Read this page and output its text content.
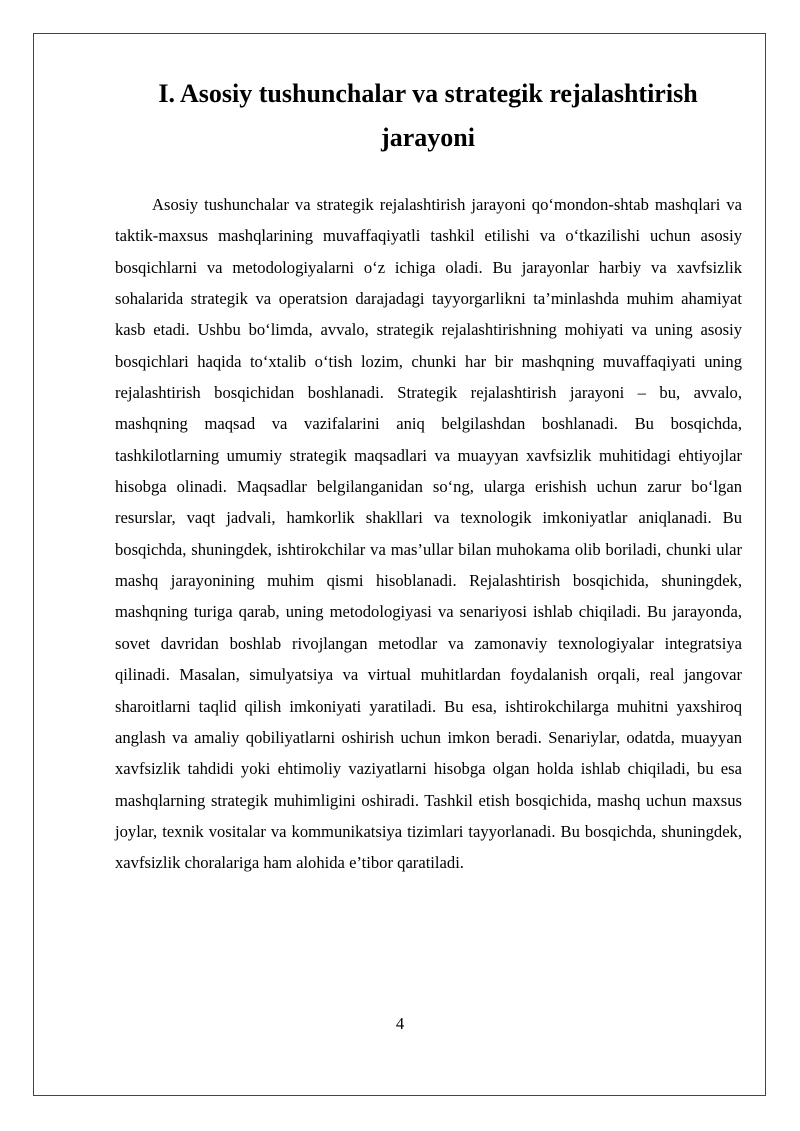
I. Asosiy tushunchalar va strategik rejalashtirish
jarayoni

Asosiy tushunchalar va strategik rejalashtirish jarayoni qo‘mondon-shtab mashqlari va taktik-maxsus mashqlarining muvaffaqiyatli tashkil etilishi va o‘tkazilishi uchun asosiy bosqichlarni va metodologiyalarni o‘z ichiga oladi. Bu jarayonlar harbiy va xavfsizlik sohalarida strategik va operatsion darajadagi tayyorgarlikni ta’minlashda muhim ahamiyat kasb etadi. Ushbu bo‘limda, avvalo, strategik rejalashtirishning mohiyati va uning asosiy bosqichlari haqida to‘xtalib o‘tish lozim, chunki har bir mashqning muvaffaqiyati uning rejalashtirish bosqichidan boshlanadi. Strategik rejalashtirish jarayoni – bu, avvalo, mashqning maqsad va vazifalarini aniq belgilashdan boshlanadi. Bu bosqichda, tashkilotlarning umumiy strategik maqsadlari va muayyan xavfsizlik muhitidagi ehtiyojlar hisobga olinadi. Maqsadlar belgilanganidan so‘ng, ularga erishish uchun zarur bo‘lgan resurslar, vaqt jadvali, hamkorlik shakllari va texnologik imkoniyatlar aniqlanadi. Bu bosqichda, shuningdek, ishtirokchilar va mas’ullar bilan muhokama olib boriladi, chunki ular mashq jarayonining muhim qismi hisoblanadi. Rejalashtirish bosqichida, shuningdek, mashqning turiga qarab, uning metodologiyasi va senariyosi ishlab chiqiladi. Bu jarayonda, sovet davridan boshlab rivojlangan metodlar va zamonaviy texnologiyalar integratsiya qilinadi. Masalan, simulyatsiya va virtual muhitlardan foydalanish orqali, real jangovar sharoitlarni taqlid qilish imkoniyati yaratiladi. Bu esa, ishtirokchilarga muhitni yaxshiroq anglash va amaliy qobiliyatlarni oshirish uchun imkon beradi. Senariylar, odatda, muayyan xavfsizlik tahdidi yoki ehtimoliy vaziyatlarni hisobga olgan holda ishlab chiqiladi, bu esa mashqlarning strategik muhimligini oshiradi. Tashkil etish bosqichida, mashq uchun maxsus joylar, texnik vositalar va kommunikatsiya tizimlari tayyorlanadi. Bu bosqichda, shuningdek, xavfsizlik choralariga ham alohida e’tibor qaratiladi.

4
